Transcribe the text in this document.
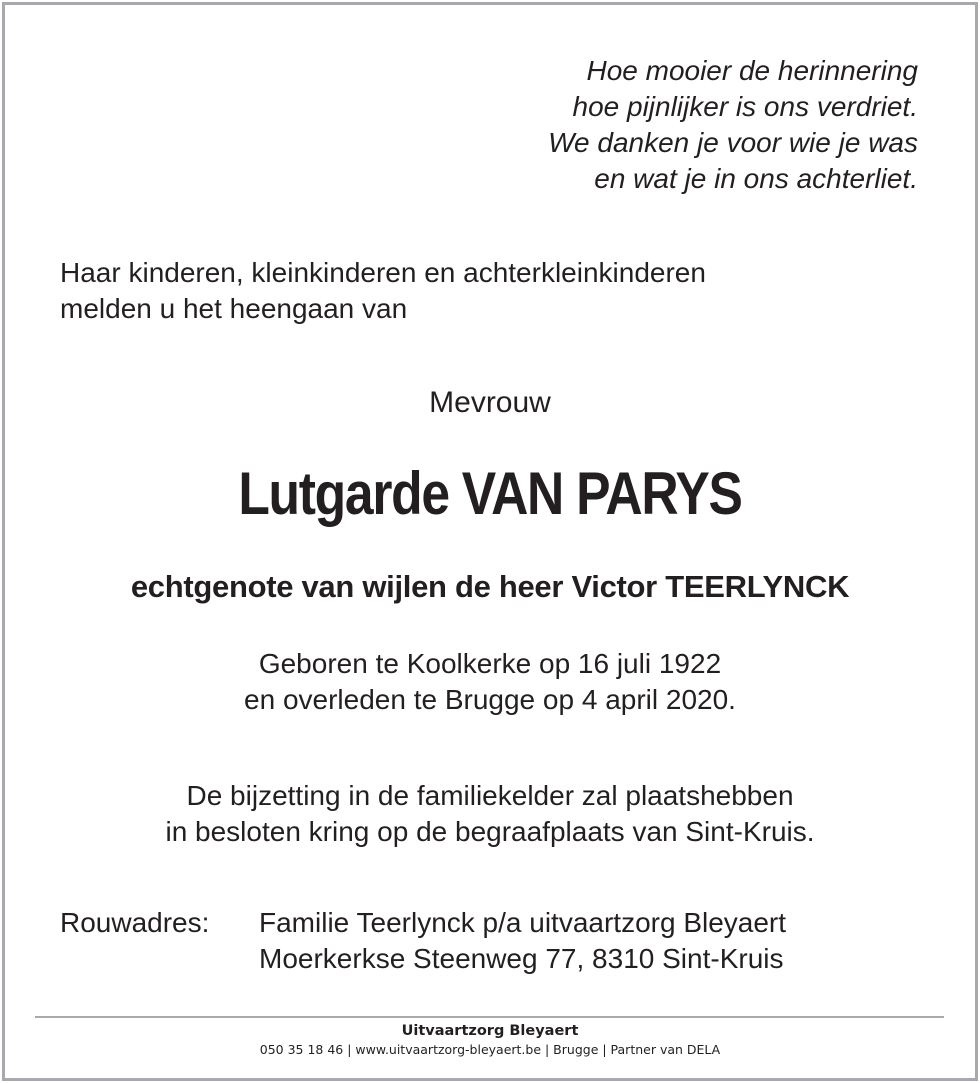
Hoe mooier de herinnering
hoe pijnlijker is ons verdriet.
We danken je voor wie je was
en wat je in ons achterliet.
Haar kinderen, kleinkinderen en achterkleinkinderen
melden u het heengaan van
Mevrouw
Lutgarde VAN PARYS
echtgenote van wijlen de heer Victor TEERLYNCK
Geboren te Koolkerke op 16 juli 1922
en overleden te Brugge op 4 april 2020.
De bijzetting in de familiekelder zal plaatshebben
in besloten kring op de begraafplaats van Sint-Kruis.
Rouwadres: Familie Teerlynck p/a uitvaartzorg Bleyaert
Moerkerkse Steenweg 77, 8310 Sint-Kruis
Uitvaartzorg Bleyaert
050 35 18 46 | www.uitvaartzorg-bleyaert.be | Brugge | Partner van DELA
